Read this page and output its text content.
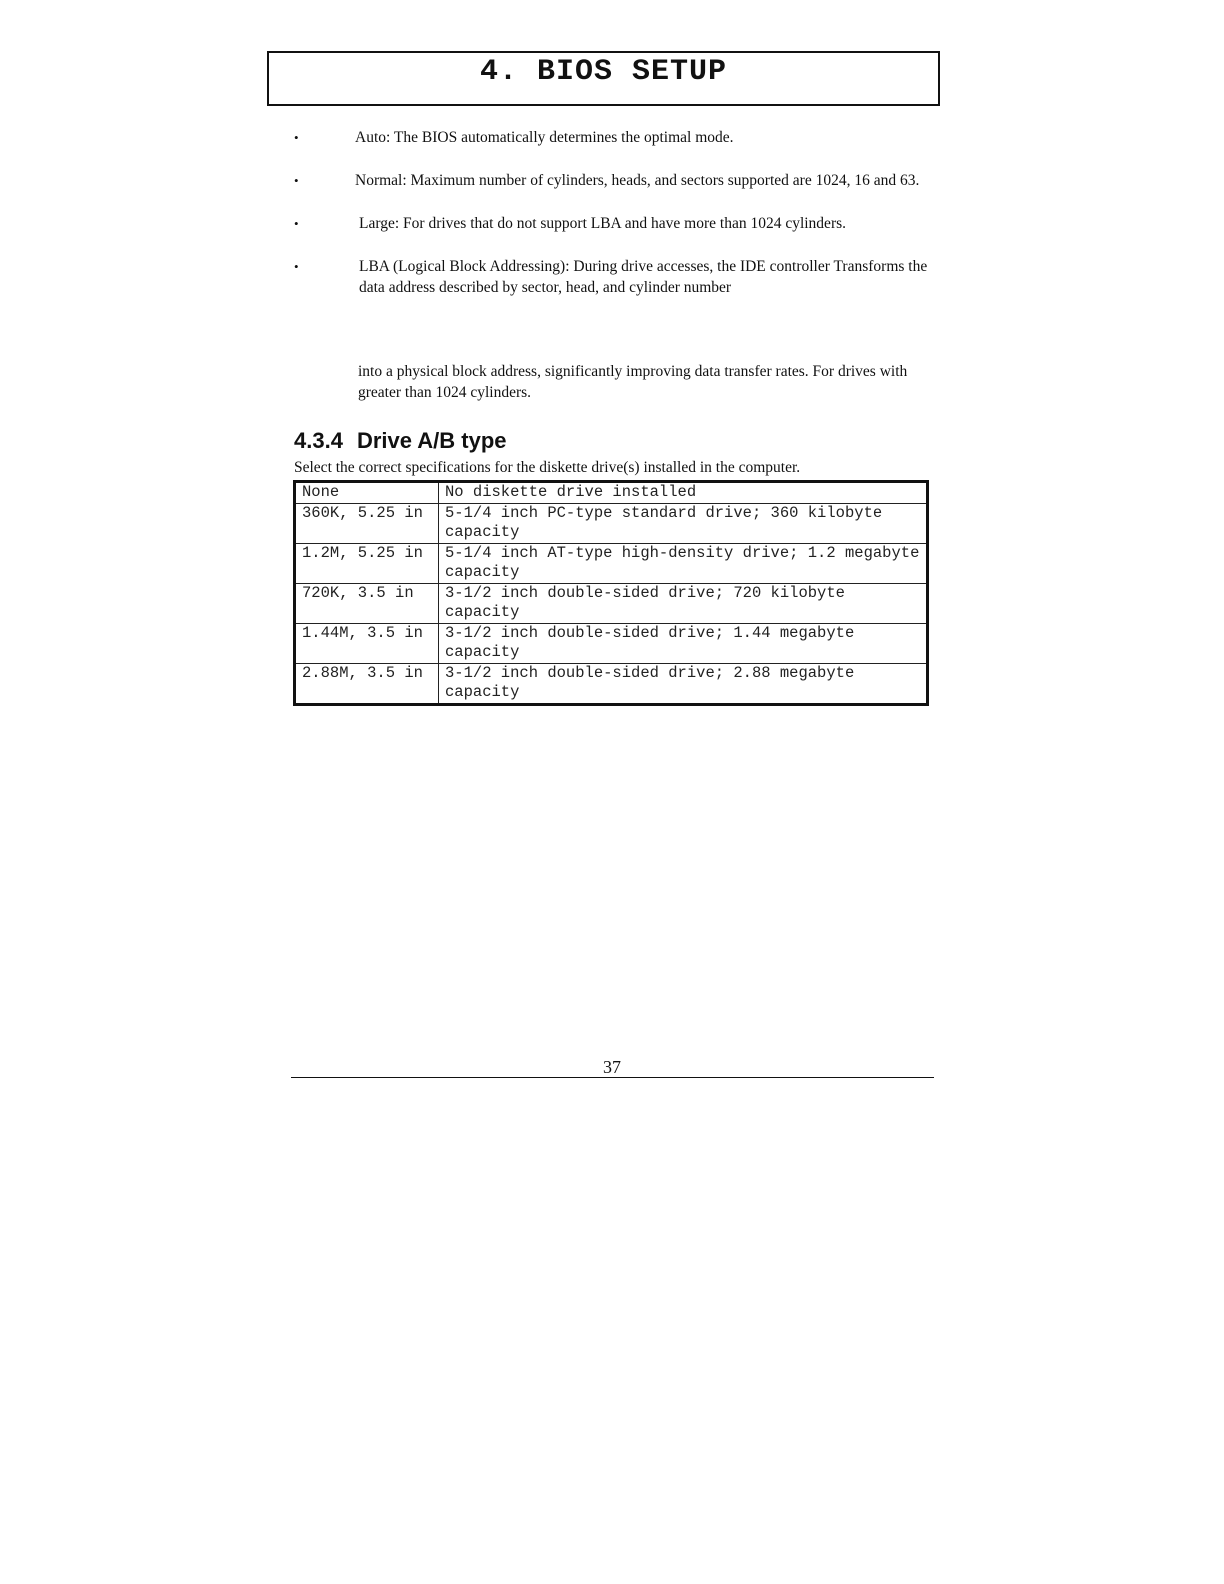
4. BIOS SETUP
•	Auto: The BIOS automatically determines the optimal mode.
•	Normal: Maximum number of cylinders, heads, and sectors supported are 1024, 16 and 63.
•	Large: For drives that do not support LBA and have more than 1024 cylinders.
•	LBA (Logical Block Addressing): During drive accesses, the IDE controller Transforms the data address described by sector, head, and cylinder number
into a physical block address, significantly improving data transfer rates. For drives with greater than 1024 cylinders.
4.3.4 Drive A/B type
Select the correct specifications for the diskette drive(s) installed in the computer.
None	No diskette drive installed
360K, 5.25 in	5-1/4 inch PC-type standard drive; 360 kilobyte capacity
1.2M, 5.25 in	5-1/4 inch AT-type high-density drive; 1.2 megabyte capacity
720K, 3.5 in	3-1/2 inch double-sided drive; 720 kilobyte capacity
1.44M, 3.5 in	3-1/2 inch double-sided drive; 1.44 megabyte capacity
2.88M, 3.5 in	3-1/2 inch double-sided drive; 2.88 megabyte capacity
37
